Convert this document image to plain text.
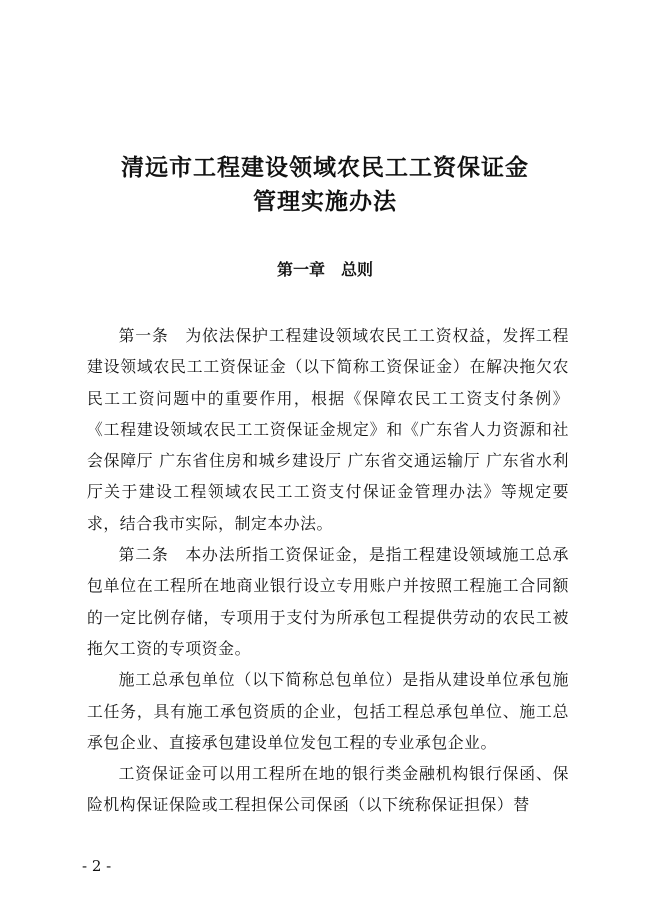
清远市工程建设领域农民工工资保证金
管理实施办法
第一章　总则

第一条　为依法保护工程建设领域农民工工资权益，发挥工程建设领域农民工工资保证金（以下简称工资保证金）在解决拖欠农民工工资问题中的重要作用，根据《保障农民工工资支付条例》《工程建设领域农民工工资保证金规定》和《广东省人力资源和社会保障厅 广东省住房和城乡建设厅 广东省交通运输厅 广东省水利厅关于建设工程领域农民工工资支付保证金管理办法》等规定要求，结合我市实际，制定本办法。

第二条　本办法所指工资保证金，是指工程建设领域施工总承包单位在工程所在地商业银行设立专用账户并按照工程施工合同额的一定比例存储，专项用于支付为所承包工程提供劳动的农民工被拖欠工资的专项资金。

施工总承包单位（以下简称总包单位）是指从建设单位承包施工任务，具有施工承包资质的企业，包括工程总承包单位、施工总承包企业、直接承包建设单位发包工程的专业承包企业。

工资保证金可以用工程所在地的银行类金融机构银行保函、保险机构保证保险或工程担保公司保函（以下统称保证担保）替

- 2 -
